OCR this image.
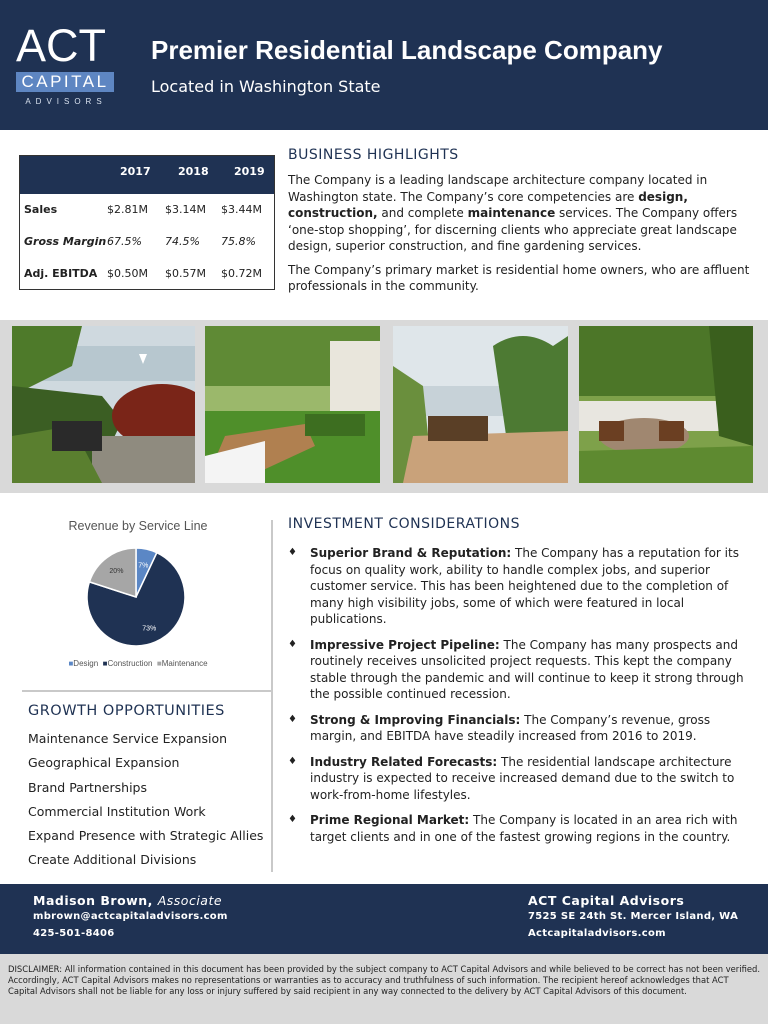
ACT
CAPITAL
ADVISORS
Premier Residential Landscape Company
Located in Washington State
2017 2018 2019
Sales	$2.81M $3.14M $3.44M
Gross Margin 67.5% 74.5% 75.8%
Adj. EBITDA $0.50M $0.57M $0.72M
BUSINESS HIGHLIGHTS

The Company is a leading landscape architecture company located in Washington state. The Company’s core competencies are design, construction, and complete maintenance services. The Company offers ‘one-stop shopping’, for discerning clients who appreciate great landscape design, superior construction, and fine gardening services.

The Company’s primary market is residential home owners, who are affluent professionals in the community.

Revenue by Service Line
7%
73%
20%
■Design ■Construction ■Maintenance
GROWTH OPPORTUNITIES
Maintenance Service Expansion
Geographical Expansion
Brand Partnerships
Commercial Institution Work
Expand Presence with Strategic Allies
Create Additional Divisions
INVESTMENT CONSIDERATIONS
♦ Superior Brand & Reputation: The Company has a reputation for its focus on quality work, ability to handle complex jobs, and superior customer service. This has been heightened due to the completion of many high visibility jobs, some of which were featured in local publications.
♦ Impressive Project Pipeline: The Company has many prospects and routinely receives unsolicited project requests. This kept the company stable through the pandemic and will continue to keep it strong through the possible continued recession.
♦ Strong & Improving Financials: The Company’s revenue, gross margin, and EBITDA have steadily increased from 2016 to 2019.
♦ Industry Related Forecasts: The residential landscape architecture industry is expected to receive increased demand due to the switch to work-from-home lifestyles.
♦ Prime Regional Market: The Company is located in an area rich with target clients and in one of the fastest growing regions in the country.
Madison Brown, Associate
mbrown@actcapitaladvisors.com
425-501-8406
ACT Capital Advisors
7525 SE 24th St. Mercer Island, WA
Actcapitaladvisors.com
DISCLAIMER: All information contained in this document has been provided by the subject company to ACT Capital Advisors and while believed to be correct has not been verified. Accordingly, ACT Capital Advisors makes no representations or warranties as to accuracy and truthfulness of such information. The recipient hereof acknowledges that ACT Capital Advisors shall not be liable for any loss or injury suffered by said recipient in any way connected to the delivery by ACT Capital Advisors of this document.
